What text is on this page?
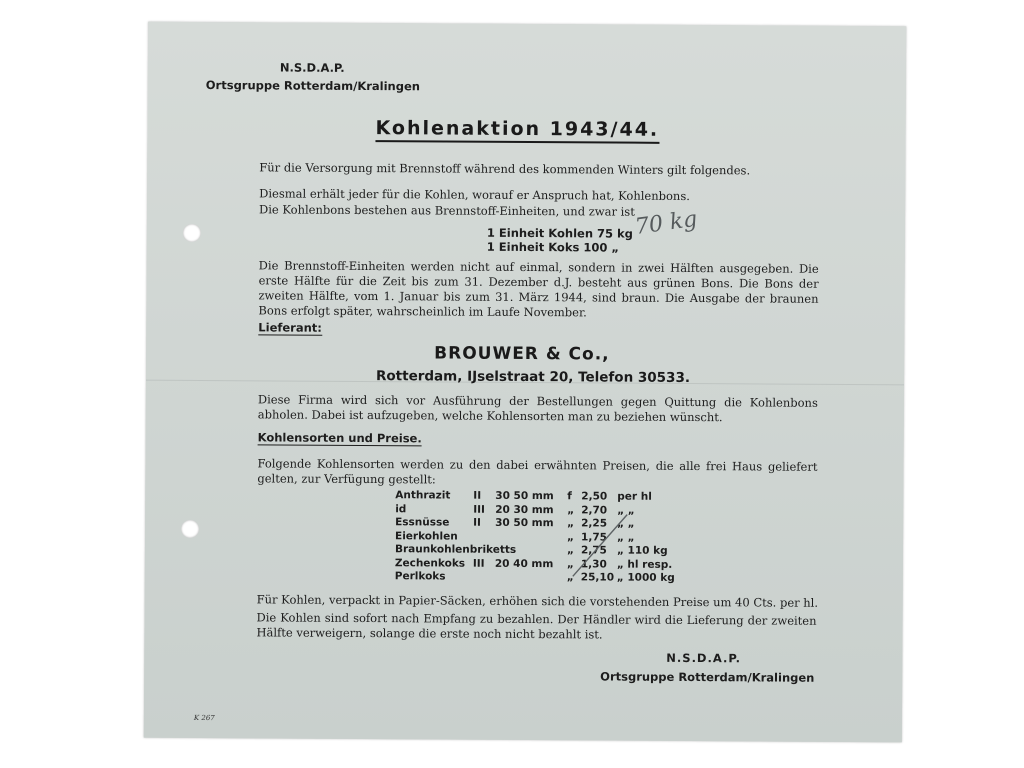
N.S.D.A.P.
Ortsgruppe Rotterdam/Kralingen
Kohlenaktion 1943/44.
Für die Versorgung mit Brennstoff während des kommenden Winters gilt folgendes.
Diesmal erhält jeder für die Kohlen, worauf er Anspruch hat, Kohlenbons.
Die Kohlenbons bestehen aus Brennstoff-Einheiten, und zwar ist
1 Einheit Kohlen 75 kg
1 Einheit Koks 100 „
70 kg
Die Brennstoff-Einheiten werden nicht auf einmal, sondern in zwei Hälften ausgegeben. Die erste Hälfte für die Zeit bis zum 31. Dezember d.J. besteht aus grünen Bons. Die Bons der zweiten Hälfte, vom 1. Januar bis zum 31. März 1944, sind braun. Die Ausgabe der braunen Bons erfolgt später, wahrscheinlich im Laufe November.
Lieferant:
BROUWER & Co.,
Rotterdam, IJselstraat 20, Telefon 30533.
Diese Firma wird sich vor Ausführung der Bestellungen gegen Quittung die Kohlenbons abholen. Dabei ist aufzugeben, welche Kohlensorten man zu beziehen wünscht.
Kohlensorten und Preise.
Folgende Kohlensorten werden zu den dabei erwähnten Preisen, die alle frei Haus geliefert gelten, zur Verfügung gestellt:
Anthrazit II 30 50 mm f 2,50 per hl
id	III 20 30 mm „ 2,70 „ „
Essnüsse II 30 50 mm „ 2,25 „ „
Eierkohlen	„ 1,75 „ „
Braunkohlenbriketts	„ 2,75 „ 110 kg
Zechenkoks III 20 40 mm „ 1,30 „ hl resp.
Perlkoks	„ 25,10 „ 1000 kg
Für Kohlen, verpackt in Papier-Säcken, erhöhen sich die vorstehenden Preise um 40 Cts. per hl.
Die Kohlen sind sofort nach Empfang zu bezahlen. Der Händler wird die Lieferung der zweiten Hälfte verweigern, solange die erste noch nicht bezahlt ist.
N.S.D.A.P.
Ortsgruppe Rotterdam/Kralingen
K 267
